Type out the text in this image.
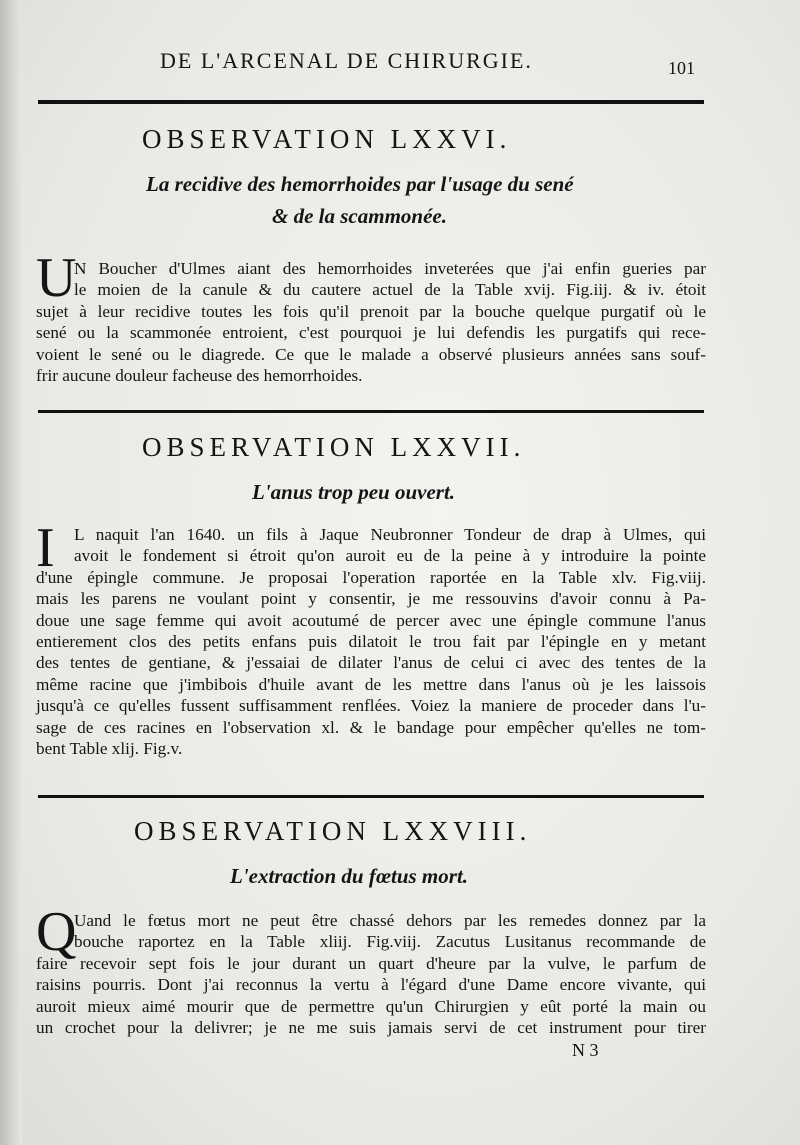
DE L'ARCENAL DE CHIRURGIE.	101
OBSERVATION LXXVI.
La recidive des hemorrhoides par l'usage du sené
& de la scammonée.
U
N Boucher d'Ulmes aiant des hemorrhoides inveterées que j'ai enfin gueries par
le moien de la canule & du cautere actuel de la Table xvij. Fig.iij. & iv. étoit
sujet à leur recidive toutes les fois qu'il prenoit par la bouche quelque purgatif où le
sené ou la scammonée entroient, c'est pourquoi je lui defendis les purgatifs qui rece-
voient le sené ou le diagrede. Ce que le malade a observé plusieurs années sans souf-
frir aucune douleur facheuse des hemorrhoides.
OBSERVATION LXXVII.
L'anus trop peu ouvert.
I	L naquit l'an 1640. un fils à Jaque Neubronner Tondeur de drap à Ulmes, qui
avoit le fondement si étroit qu'on auroit eu de la peine à y introduire la pointe
d'une épingle commune. Je proposai l'operation raportée en la Table xlv. Fig.viij.
mais les parens ne voulant point y consentir, je me ressouvins d'avoir connu à Pa-
doue une sage femme qui avoit acoutumé de percer avec une épingle commune l'anus
entierement clos des petits enfans puis dilatoit le trou fait par l'épingle en y metant
des tentes de gentiane, & j'essaiai de dilater l'anus de celui ci avec des tentes de la
même racine que j'imbibois d'huile avant de les mettre dans l'anus où je les laissois
jusqu'à ce qu'elles fussent suffisamment renflées. Voiez la maniere de proceder dans l'u-
sage de ces racines en l'observation xl. & le bandage pour empêcher qu'elles ne tom-
bent Table xlij. Fig.v.
OBSERVATION LXXVIII.
L'extraction du fœtus mort.
Q
Uand le fœtus mort ne peut être chassé dehors par les remedes donnez par la
bouche raportez en la Table xliij. Fig.viij. Zacutus Lusitanus recommande de
faire recevoir sept fois le jour durant un quart d'heure par la vulve, le parfum de
raisins pourris. Dont j'ai reconnus la vertu à l'égard d'une Dame encore vivante, qui
auroit mieux aimé mourir que de permettre qu'un Chirurgien y eût porté la main ou
un crochet pour la delivrer; je ne me suis jamais servi de cet instrument pour tirer
N 3
